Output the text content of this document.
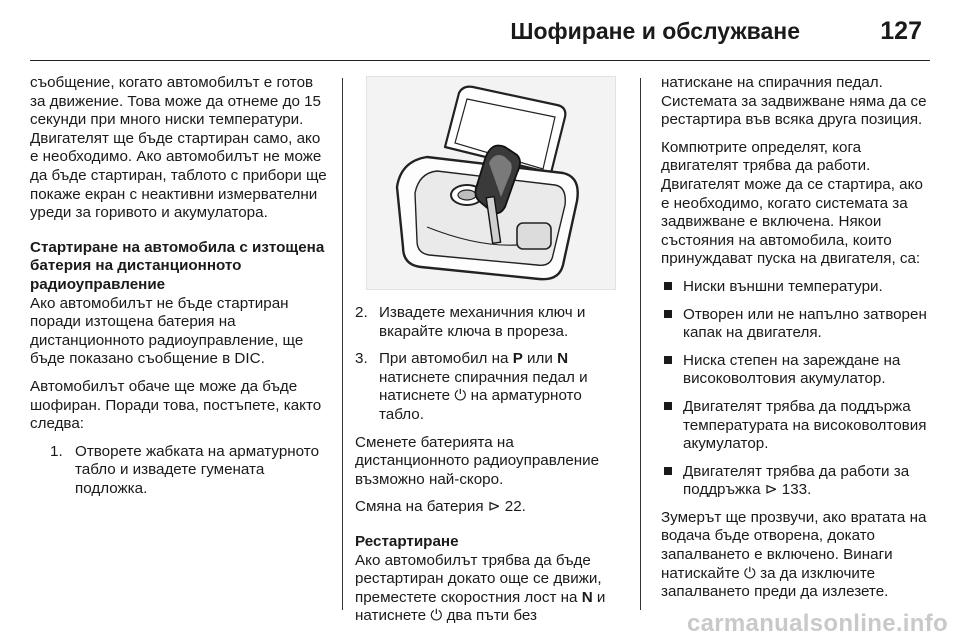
Шофиране и обслужване	127

съобщение, когато автомобилът е готов за движение. Това може да отнеме до 15 секунди при много ниски температури. Двигателят ще бъде стартиран само, ако е необходимо. Ако автомобилът не може да бъде стартиран, таблото с прибори ще покаже екран с неактивни измервателни уреди за горивото и акумулатора.

Стартиране на автомобила с изтощена батерия на дистанционното радиоуправление

Ако автомобилът не бъде стартиран поради изтощена батерия на дистанционното радиоуправление, ще бъде показано съобщение в DIC.

Автомобилът обаче ще може да бъде шофиран. Поради това, постъпете, както следва:

1. Отворете жабката на арматурното табло и извадете гумената подложка.
2. Извадете механичния ключ и вкарайте ключа в прореза.
3. При автомобил на P или N натиснете спирачния педал и натиснете ⏻ на арматурното табло.

Сменете батерията на дистанционното радиоуправление възможно най-скоро.

Смяна на батерия ⊳ 22.

Рестартиране

Ако автомобилът трябва да бъде рестартиран докато още се движи, преместете скоростния лост на N и натиснете ⏻ два пъти без

натискане на спирачния педал. Системата за задвижване няма да се рестартира във всяка друга позиция.

Компютрите определят, кога двигателят трябва да работи. Двигателят може да се стартира, ако е необходимо, когато системата за задвижване е включена. Някои състояния на автомобила, които принуждават пуска на двигателя, са:

Ниски външни температури.
Отворен или не напълно затворен капак на двигателя.
Ниска степен на зареждане на високоволтовия акумулатор.
Двигателят трябва да поддържа температурата на високоволтовия акумулатор.
Двигателят трябва да работи за поддръжка ⊳ 133.

Зумерът ще прозвучи, ако вратата на водача бъде отворена, докато запалването е включено. Винаги натискайте ⏻ за да изключите запалването преди да излезете.

carmanualsonline.info
